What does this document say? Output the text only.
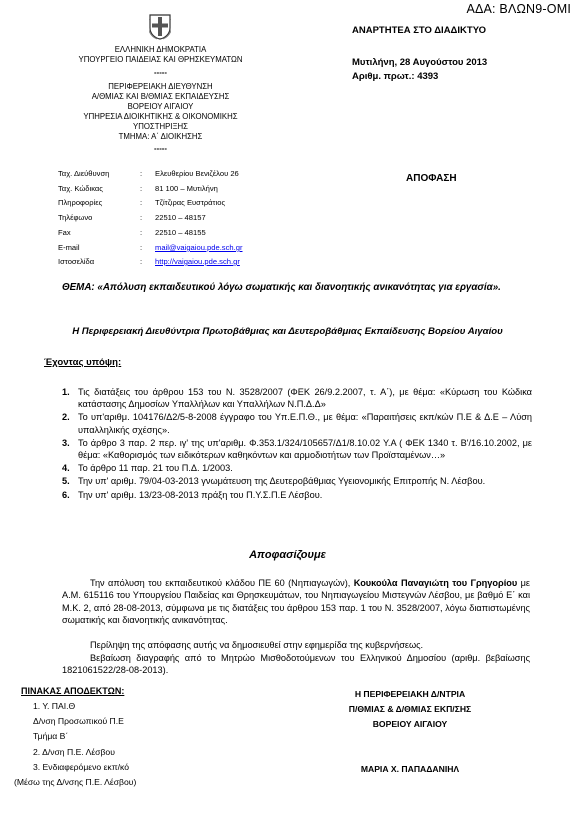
ΑΔΑ: ΒΛΩΝ9-ΟΜΙ
ΑΝΑΡΤΗΤΕΑ ΣΤΟ ΔΙΑΔΙΚΤΥΟ
Μυτιλήνη, 28 Αυγούστου 2013
Αριθμ. πρωτ.: 4393
ΕΛΛΗΝΙΚΗ ΔΗΜΟΚΡΑΤΙΑ
ΥΠΟΥΡΓΕΙΟ ΠΑΙΔΕΙΑΣ ΚΑΙ ΘΡΗΣΚΕΥΜΑΤΩΝ
-----
ΠΕΡΙΦΕΡΕΙΑΚΗ ΔΙΕΥΘΥΝΣΗ
Α/ΘΜΙΑΣ ΚΑΙ Β/ΘΜΙΑΣ ΕΚΠΑΙΔΕΥΣΗΣ
ΒΟΡΕΙΟΥ ΑΙΓΑΙΟΥ
ΥΠΗΡΕΣΙΑ ΔΙΟΙΚΗΤΙΚΗΣ & ΟΙΚΟΝΟΜΙΚΗΣ
ΥΠΟΣΤΗΡΙΞΗΣ
ΤΜΗΜΑ: Α΄ ΔΙΟΙΚΗΣΗΣ
-----
ΑΠΟΦΑΣΗ
Ταχ. Διεύθυνση	: Ελευθερίου Βενιζέλου 26
Ταχ. Κώδικας	: 81 100 – Μυτιλήνη
Πληροφορίες	: Τζίτζιρας Ευστράτιος
Τηλέφωνο	: 22510 – 48157
Fax	: 22510 – 48155
E-mail	: mail@vaigaiou.pde.sch.gr
Ιστοσελίδα	: http://vaigaiou.pde.sch.gr
ΘΕΜΑ: «Απόλυση εκπαιδευτικού λόγω σωματικής και διανοητικής ανικανότητας για εργασία».
Η Περιφερειακή Διευθύντρια Πρωτοβάθμιας και Δευτεροβάθμιας Εκπαίδευσης Βορείου Αιγαίου
Έχοντας υπόψη:
1. Τις διατάξεις του άρθρου 153 του Ν. 3528/2007 (ΦΕΚ 26/9.2.2007, τ. Α΄), με θέμα: «Κύρωση του Κώδικα κατάστασης Δημοσίων Υπαλλήλων και Υπαλλήλων Ν.Π.Δ.Δ»
2. Το υπ'αριθμ. 104176/Δ2/5-8-2008 έγγραφο του Υπ.Ε.Π.Θ., με θέμα: «Παραιτήσεις εκπ/κών Π.Ε & Δ.Ε – Λύση υπαλληλικής σχέσης».
3. Το άρθρο 3 παρ. 2 περ. ιγ' της υπ'αριθμ. Φ.353.1/324/105657/Δ1/8.10.02 Υ.Α ( ΦΕΚ 1340 τ. Β'/16.10.2002, με θέμα: «Καθορισμός των ειδικότερων καθηκόντων και αρμοδιοτήτων των Προϊσταμένων…»
4. Το άρθρο 11 παρ. 21 του Π.Δ. 1/2003.
5. Την υπ' αριθμ. 79/04-03-2013 γνωμάτευση της Δευτεροβάθμιας Υγειονομικής Επιτροπής Ν. Λέσβου.
6. Την υπ' αριθμ. 13/23-08-2013 πράξη του Π.Υ.Σ.Π.Ε Λέσβου.
Αποφασίζουμε
Την απόλυση του εκπαιδευτικού κλάδου ΠΕ 60 (Νηπιαγωγών), Κουκούλα Παναγιώτη του Γρηγορίου με Α.Μ. 615116 του Υπουργείου Παιδείας και Θρησκευμάτων, του Νηπιαγωγείου Μιστεγνών Λέσβου, με βαθμό Ε΄ και Μ.Κ. 2, από 28-08-2013, σύμφωνα με τις διατάξεις του άρθρου 153 παρ. 1 του Ν. 3528/2007, λόγω διαπιστωμένης σωματικής και διανοητικής ανικανότητας.
Περίληψη της απόφασης αυτής να δημοσιευθεί στην εφημερίδα της κυβερνήσεως.
Βεβαίωση διαγραφής από το Μητρώο Μισθοδοτούμενων του Ελληνικού Δημοσίου (αριθμ. βεβαίωσης 1821061522/28-08-2013).
ΠΙΝΑΚΑΣ ΑΠΟΔΕΚΤΩΝ:
1. Υ. ΠΑΙ.Θ
Δ/νση Προσωπικού Π.Ε
Τμήμα Β΄
2. Δ/νση Π.Ε. Λέσβου
3. Ενδιαφερόμενο εκπ/κό
(Μέσω της Δ/νσης Π.Ε. Λέσβου)
Η ΠΕΡΙΦΕΡΕΙΑΚΗ Δ/ΝΤΡΙΑ
Π/ΘΜΙΑΣ & Δ/ΘΜΙΑΣ ΕΚΠ/ΣΗΣ
ΒΟΡΕΙΟΥ ΑΙΓΑΙΟΥ
ΜΑΡΙΑ Χ. ΠΑΠΑΔΑΝΙΗΛ
